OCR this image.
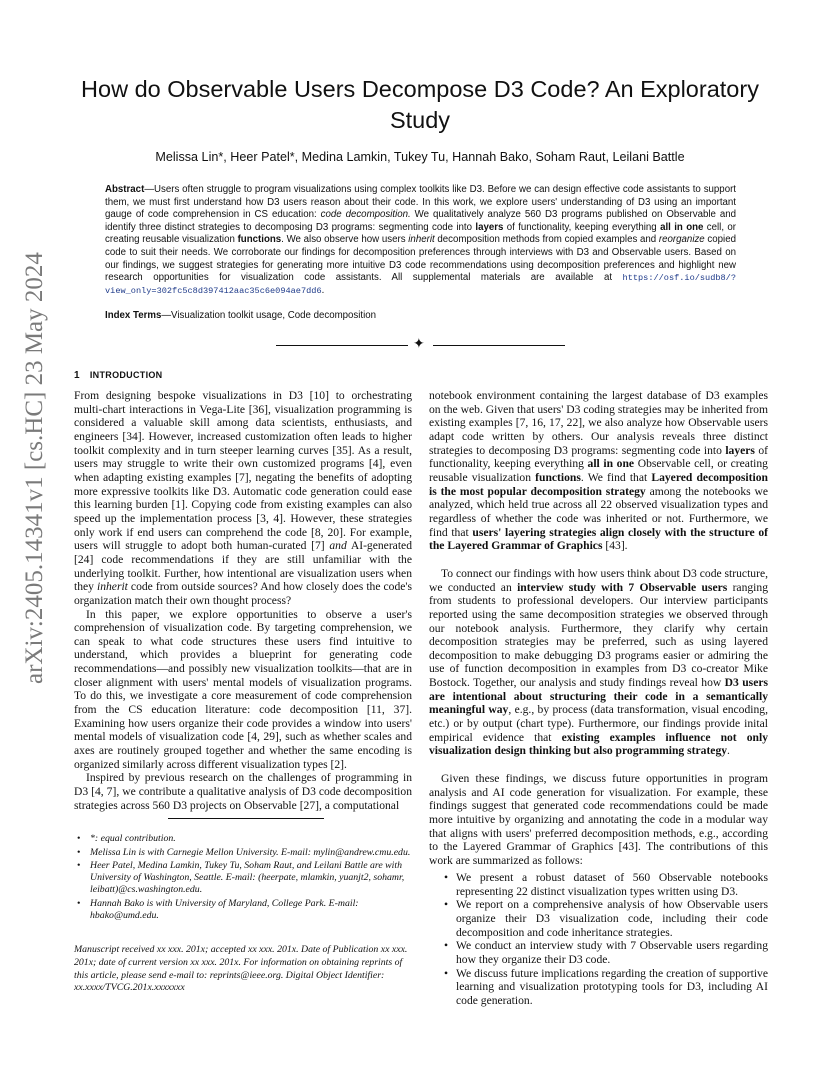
How do Observable Users Decompose D3 Code? An Exploratory Study
Melissa Lin*, Heer Patel*, Medina Lamkin, Tukey Tu, Hannah Bako, Soham Raut, Leilani Battle
Abstract—Users often struggle to program visualizations using complex toolkits like D3. Before we can design effective code assistants to support them, we must first understand how D3 users reason about their code. In this work, we explore users' understanding of D3 using an important gauge of code comprehension in CS education: code decomposition. We qualitatively analyze 560 D3 programs published on Observable and identify three distinct strategies to decomposing D3 programs: segmenting code into layers of functionality, keeping everything all in one cell, or creating reusable visualization functions. We also observe how users inherit decomposition methods from copied examples and reorganize copied code to suit their needs. We corroborate our findings for decomposition preferences through interviews with D3 and Observable users. Based on our findings, we suggest strategies for generating more intuitive D3 code recommendations using decomposition preferences and highlight new research opportunities for visualization code assistants. All supplemental materials are available at https://osf.io/sudb8/?view_only=302fc5c8d397412aac35c6e094ae7dd6.
Index Terms—Visualization toolkit usage, Code decomposition
✦
arXiv:2405.14341v1 [cs.HC] 23 May 2024	1 INTRODUCTION

From designing bespoke visualizations in D3 [10] to orchestrating multi-chart interactions in Vega-Lite [36], visualization programming is considered a valuable skill among data scientists, enthusiasts, and engineers [34]. However, increased customization often leads to higher toolkit complexity and in turn steeper learning curves [35]. As a result, users may struggle to write their own customized programs [4], even when adapting existing examples [7], negating the benefits of adopting more expressive toolkits like D3. Automatic code generation could ease this learning burden [1]. Copying code from existing examples can also speed up the implementation process [3, 4]. However, these strategies only work if end users can comprehend the code [8, 20]. For example, users will struggle to adopt both human-curated [7] and AI-generated [24] code recommendations if they are still unfamiliar with the underlying toolkit. Further, how intentional are visualization users when they inherit code from outside sources? And how closely does the code's organization match their own thought process?

In this paper, we explore opportunities to observe a user's comprehension of visualization code. By targeting comprehension, we can speak to what code structures these users find intuitive to understand, which provides a blueprint for generating code recommendations—and possibly new visualization toolkits—that are in closer alignment with users' mental models of visualization programs. To do this, we investigate a core measurement of code comprehension from the CS education literature: code decomposition [11, 37]. Examining how users organize their code provides a window into users' mental models of visualization code [4, 29], such as whether scales and axes are routinely grouped together and whether the same encoding is organized similarly across different visualization types [2].

Inspired by previous research on the challenges of programming in D3 [4, 7], we contribute a qualitative analysis of D3 code decomposition strategies across 560 D3 projects on Observable [27], a computational

• *: equal contribution.
• Melissa Lin is with Carnegie Mellon University. E-mail: mylin@andrew.cmu.edu.
• Heer Patel, Medina Lamkin, Tukey Tu, Soham Raut, and Leilani Battle are with University of Washington, Seattle. E-mail: (heerpate, mlamkin, yuanjt2, sohamr, leibatt)@cs.washington.edu.
• Hannah Bako is with University of Maryland, College Park. E-mail: hbako@umd.edu.
Manuscript received xx xxx. 201x; accepted xx xxx. 201x. Date of Publication xx xxx. 201x; date of current version xx xxx. 201x. For information on obtaining reprints of this article, please send e-mail to: reprints@ieee.org. Digital Object Identifier: xx.xxxx/TVCG.201x.xxxxxxx

notebook environment containing the largest database of D3 examples on the web. Given that users' D3 coding strategies may be inherited from existing examples [7, 16, 17, 22], we also analyze how Observable users adapt code written by others. Our analysis reveals three distinct strategies to decomposing D3 programs: segmenting code into layers of functionality, keeping everything all in one Observable cell, or creating reusable visualization functions. We find that Layered decomposition is the most popular decomposition strategy among the notebooks we analyzed, which held true across all 22 observed visualization types and regardless of whether the code was inherited or not. Furthermore, we find that users' layering strategies align closely with the structure of the Layered Grammar of Graphics [43].

To connect our findings with how users think about D3 code structure, we conducted an interview study with 7 Observable users ranging from students to professional developers. Our interview participants reported using the same decomposition strategies we observed through our notebook analysis. Furthermore, they clarify why certain decomposition strategies may be preferred, such as using layered decomposition to make debugging D3 programs easier or admiring the use of function decomposition in examples from D3 co-creator Mike Bostock. Together, our analysis and study findings reveal how D3 users are intentional about structuring their code in a semantically meaningful way, e.g., by process (data transformation, visual encoding, etc.) or by output (chart type). Furthermore, our findings provide inital empirical evidence that existing examples influence not only visualization design thinking but also programming strategy.

Given these findings, we discuss future opportunities in program analysis and AI code generation for visualization. For example, these findings suggest that generated code recommendations could be made more intuitive by organizing and annotating the code in a modular way that aligns with users' preferred decomposition methods, e.g., according to the Layered Grammar of Graphics [43]. The contributions of this work are summarized as follows:

• We present a robust dataset of 560 Observable notebooks representing 22 distinct visualization types written using D3.
• We report on a comprehensive analysis of how Observable users organize their D3 visualization code, including their code decomposition and code inheritance strategies.
• We conduct an interview study with 7 Observable users regarding how they organize their D3 code.
• We discuss future implications regarding the creation of supportive learning and visualization prototyping tools for D3, including AI code generation.
